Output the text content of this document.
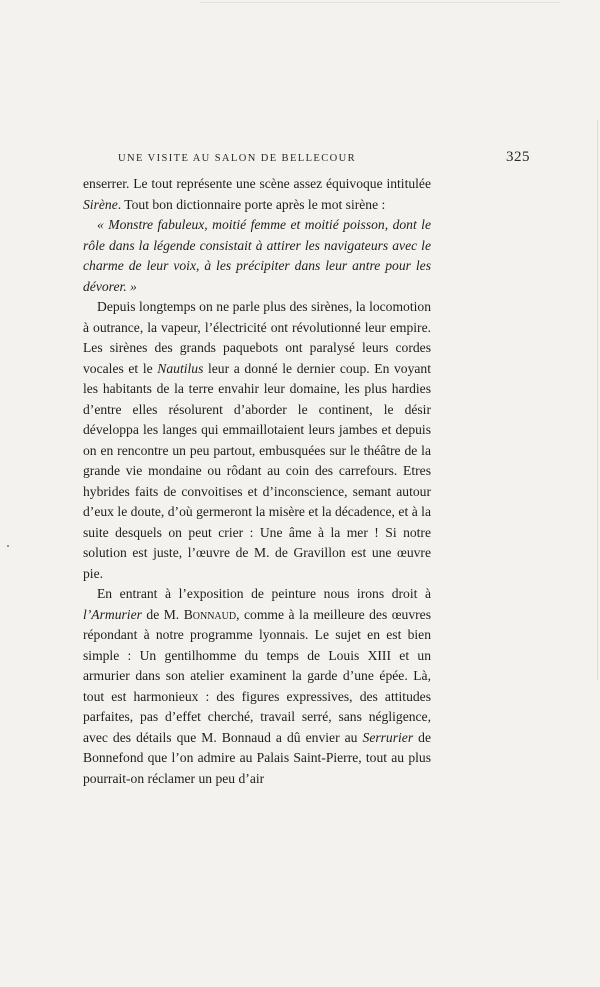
UNE VISITE AU SALON DE BELLECOUR	325

enserrer. Le tout représente une scène assez équivoque intitulée Sirène. Tout bon dictionnaire porte après le mot sirène :

« Monstre fabuleux, moitié femme et moitié poisson, dont le rôle dans la légende consistait à attirer les navigateurs avec le charme de leur voix, à les précipiter dans leur antre pour les dévorer. »

Depuis longtemps on ne parle plus des sirènes, la locomotion à outrance, la vapeur, l’électricité ont révolutionné leur empire. Les sirènes des grands paquebots ont paralysé leurs cordes vocales et le Nautilus leur a donné le dernier coup. En voyant les habitants de la terre envahir leur domaine, les plus hardies d’entre elles résolurent d’aborder le continent, le désir développa les langes qui emmaillotaient leurs jambes et depuis on en rencontre un peu partout, embusquées sur le théâtre de la grande vie mondaine ou rôdant au coin des carrefours. Etres hybrides faits de convoitises et d’inconscience, semant autour d’eux le doute, d’où germeront la misère et la décadence, et à la suite desquels on peut crier : Une âme à la mer ! Si notre solution est juste, l’œuvre de M. de Gravillon est une œuvre pie.

En entrant à l’exposition de peinture nous irons droit à l’Armurier de M. Bonnaud, comme à la meilleure des œuvres répondant à notre programme lyonnais. Le sujet en est bien simple : Un gentilhomme du temps de Louis XIII et un armurier dans son atelier examinent la garde d’une épée. Là, tout est harmonieux : des figures expressives, des attitudes parfaites, pas d’effet cherché, travail serré, sans négligence, avec des détails que M. Bonnaud a dû envier au Serrurier de Bonnefond que l’on admire au Palais Saint-Pierre, tout au plus pourrait-on réclamer un peu d’air
